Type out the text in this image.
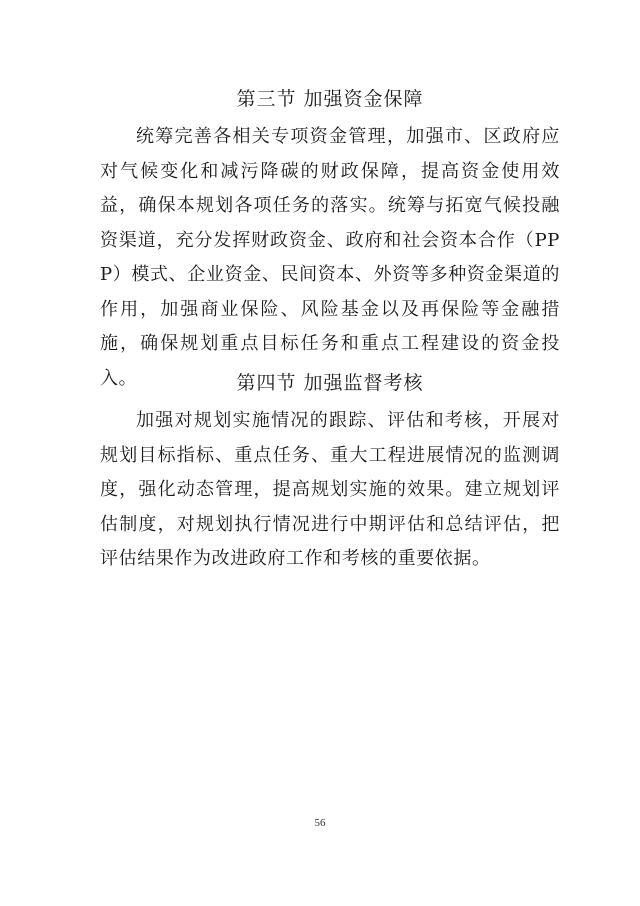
第三节 加强资金保障

统筹完善各相关专项资金管理，加强市、区政府应对气候变化和减污降碳的财政保障，提高资金使用效益，确保本规划各项任务的落实。统筹与拓宽气候投融资渠道，充分发挥财政资金、政府和社会资本合作（PPP）模式、企业资金、民间资本、外资等多种资金渠道的作用，加强商业保险、风险基金以及再保险等金融措施，确保规划重点目标任务和重点工程建设的资金投入。	第四节 加强监督考核

加强对规划实施情况的跟踪、评估和考核，开展对规划目标指标、重点任务、重大工程进展情况的监测调度，强化动态管理，提高规划实施的效果。建立规划评估制度，对规划执行情况进行中期评估和总结评估，把评估结果作为改进政府工作和考核的重要依据。

56
